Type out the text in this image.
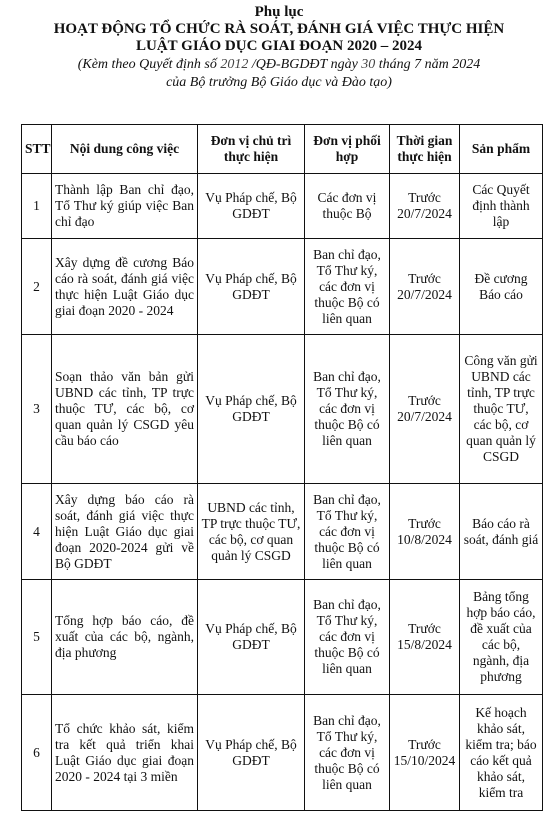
Phụ lục
HOẠT ĐỘNG TỔ CHỨC RÀ SOÁT, ĐÁNH GIÁ VIỆC THỰC HIỆN
LUẬT GIÁO DỤC GIAI ĐOẠN 2020 – 2024
(Kèm theo Quyết định số 2012 /QĐ-BGDĐT ngày 30 tháng 7 năm 2024
của Bộ trưởng Bộ Giáo dục và Đào tạo)
STT	Nội dung công việc	Đơn vị chủ trì thực hiện	Đơn vị phối hợp	Thời gian thực hiện	Sản phẩm
1	Thành lập Ban chỉ đạo, Tổ Thư ký giúp việc Ban chỉ đạo	Vụ Pháp chế, Bộ GDĐT	Các đơn vị thuộc Bộ	Trước 20/7/2024	Các Quyết định thành lập
2	Xây dựng đề cương Báo cáo rà soát, đánh giá việc thực hiện Luật Giáo dục giai đoạn 2020 - 2024	Vụ Pháp chế, Bộ GDĐT	Ban chỉ đạo, Tổ Thư ký, các đơn vị thuộc Bộ có liên quan	Trước 20/7/2024	Đề cương Báo cáo
3	Soạn thảo văn bản gửi UBND các tỉnh, TP trực thuộc TƯ, các bộ, cơ quan quản lý CSGD yêu cầu báo cáo	Vụ Pháp chế, Bộ GDĐT	Ban chỉ đạo, Tổ Thư ký, các đơn vị thuộc Bộ có liên quan	Trước 20/7/2024	Công văn gửi UBND các tỉnh, TP trực thuộc TƯ, các bộ, cơ quan quản lý CSGD
4	Xây dựng báo cáo rà soát, đánh giá việc thực hiện Luật Giáo dục giai đoạn 2020-2024 gửi về Bộ GDĐT	UBND các tỉnh, TP trực thuộc TƯ, các bộ, cơ quan quản lý CSGD	Ban chỉ đạo, Tổ Thư ký, các đơn vị thuộc Bộ có liên quan	Trước 10/8/2024	Báo cáo rà soát, đánh giá
5	Tổng hợp báo cáo, đề xuất của các bộ, ngành, địa phương	Vụ Pháp chế, Bộ GDĐT	Ban chỉ đạo, Tổ Thư ký, các đơn vị thuộc Bộ có liên quan	Trước 15/8/2024	Bảng tổng hợp báo cáo, đề xuất của các bộ, ngành, địa phương
6	Tổ chức khảo sát, kiểm tra kết quả triển khai Luật Giáo dục giai đoạn 2020 - 2024 tại 3 miền	Vụ Pháp chế, Bộ GDĐT	Ban chỉ đạo, Tổ Thư ký, các đơn vị thuộc Bộ có liên quan	Trước 15/10/2024	Kế hoạch khảo sát, kiểm tra; báo cáo kết quả khảo sát, kiểm tra
